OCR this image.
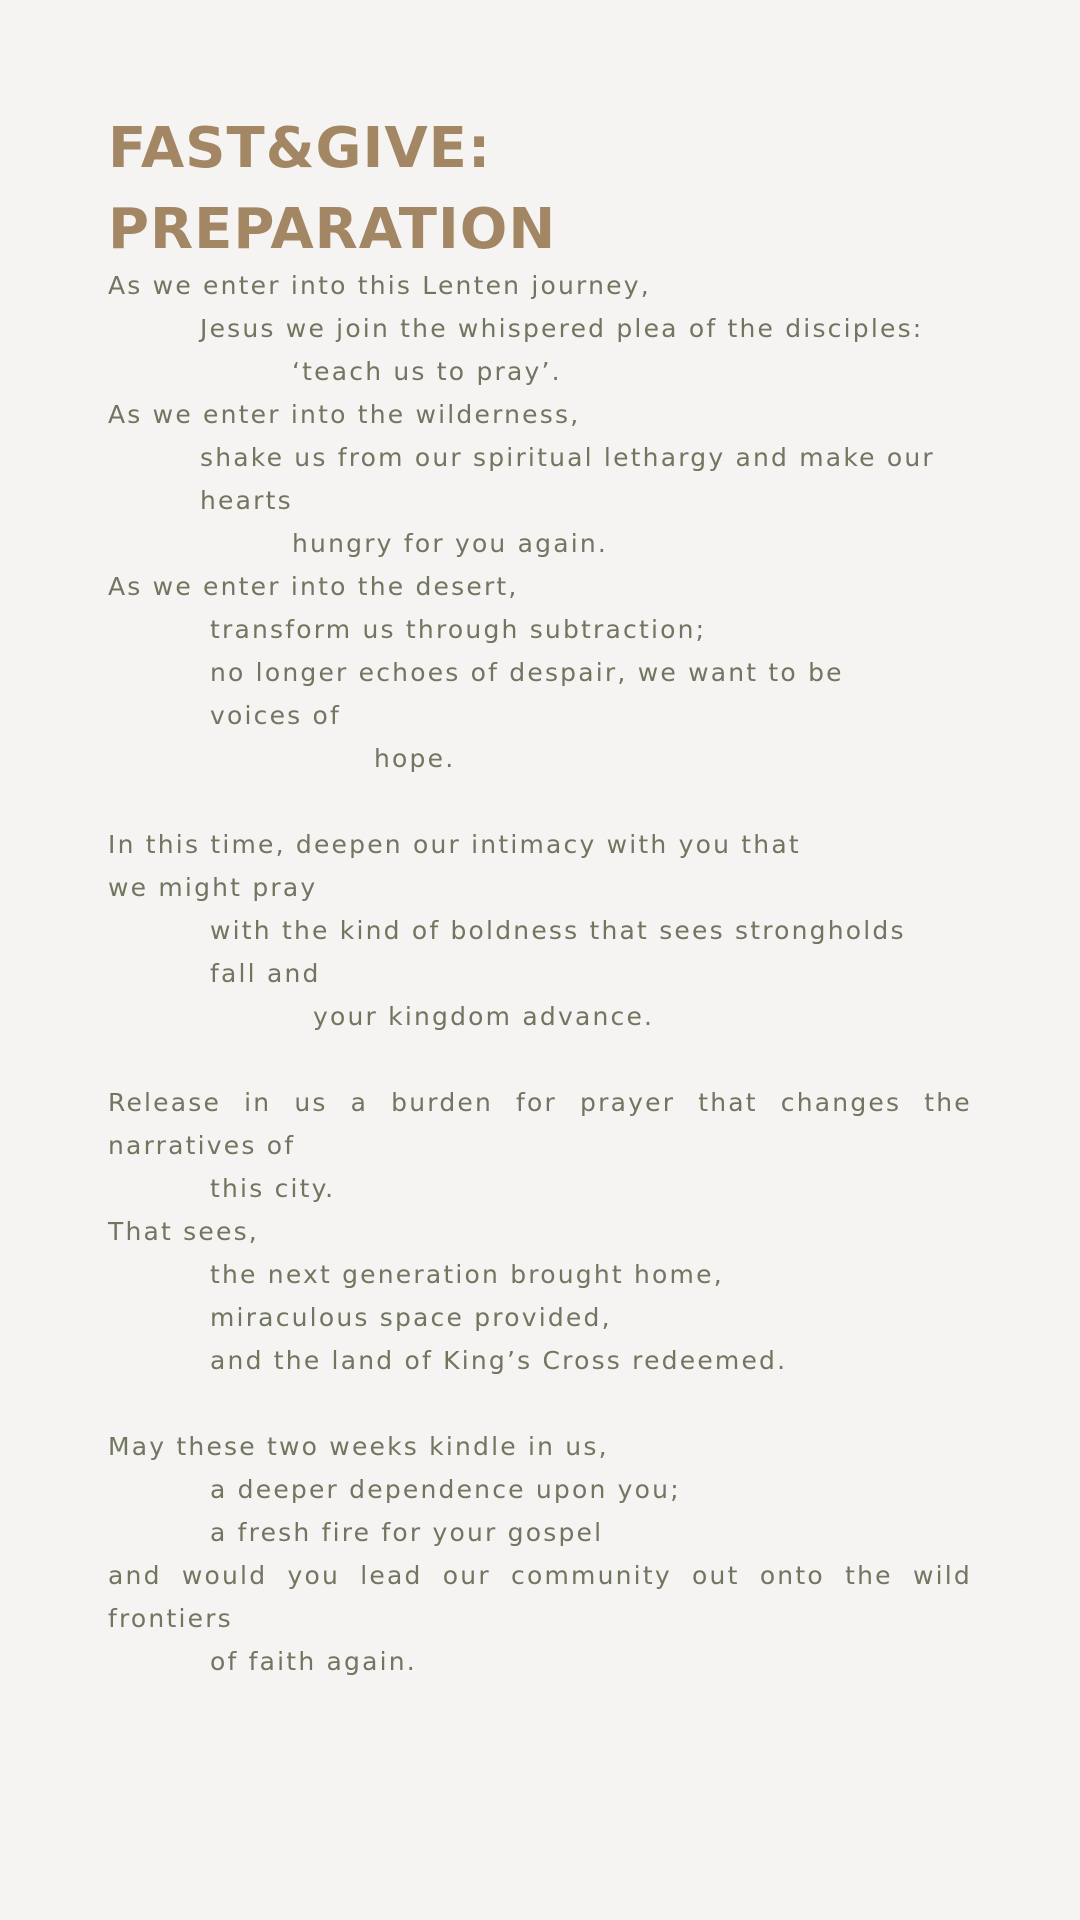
FAST&GIVE:
PREPARATION
As we enter into this Lenten journey,
Jesus we join the whispered plea of the disciples:
‘teach us to pray’.
As we enter into the wilderness,
shake us from our spiritual lethargy and make our
hearts
hungry for you again.
As we enter into the desert,
transform us through subtraction;
no longer echoes of despair, we want to be
voices of
hope.
In this time, deepen our intimacy with you that
we might pray
with the kind of boldness that sees strongholds
fall and
your kingdom advance.
Release in us a burden for prayer that changes the
narratives of
this city.
That sees,
the next generation brought home,
miraculous space provided,
and the land of King’s Cross redeemed.
May these two weeks kindle in us,
a deeper dependence upon you;
a fresh fire for your gospel
and would you lead our community out onto the wild
frontiers
of faith again.
